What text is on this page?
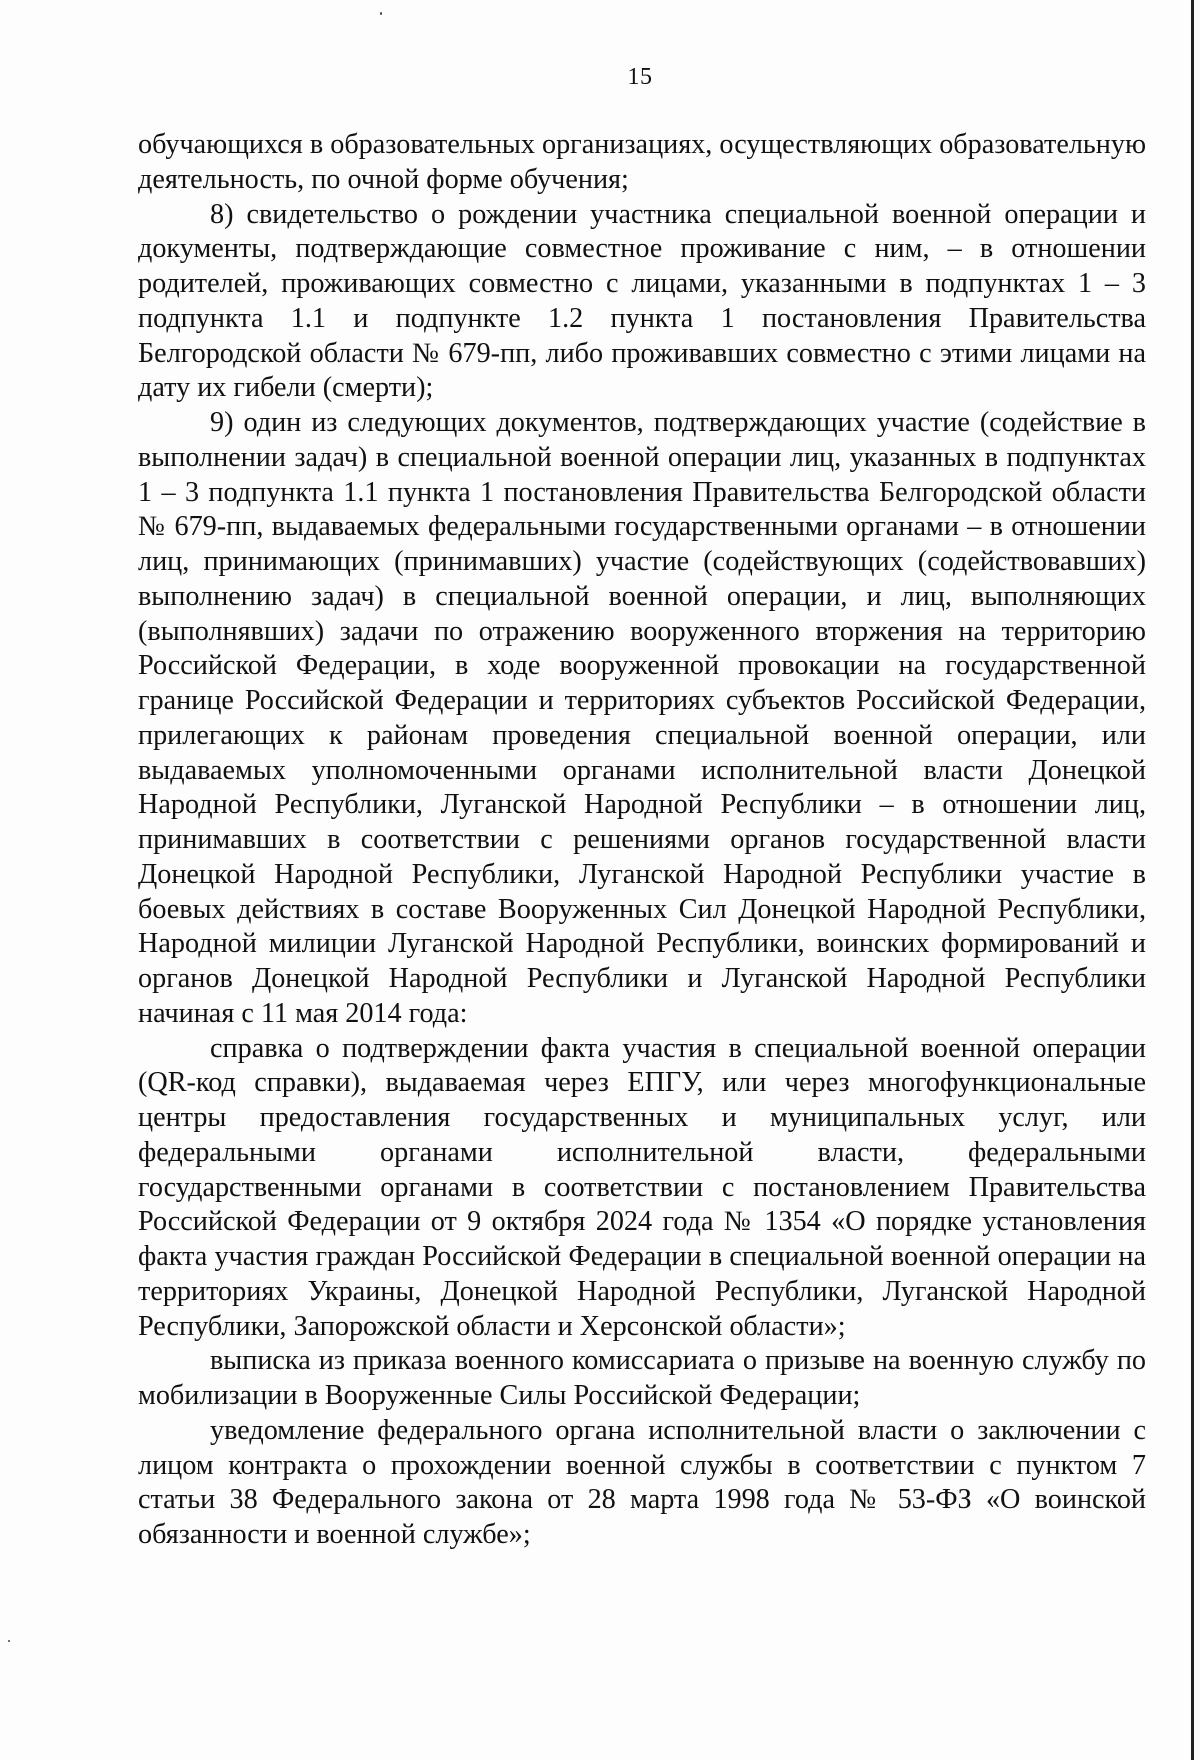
15

обучающихся в образовательных организациях, осуществляющих образовательную деятельность, по очной форме обучения;

8) свидетельство о рождении участника специальной военной операции и документы, подтверждающие совместное проживание с ним, – в отношении родителей, проживающих совместно с лицами, указанными в подпунктах 1 – 3 подпункта 1.1 и подпункте 1.2 пункта 1 постановления Правительства Белгородской области № 679-пп, либо проживавших совместно с этими лицами на дату их гибели (смерти);

9) один из следующих документов, подтверждающих участие (содействие в выполнении задач) в специальной военной операции лиц, указанных в подпунктах 1 – 3 подпункта 1.1 пункта 1 постановления Правительства Белгородской области № 679-пп, выдаваемых федеральными государственными органами – в отношении лиц, принимающих (принимавших) участие (содействующих (содействовавших) выполнению задач) в специальной военной операции, и лиц, выполняющих (выполнявших) задачи по отражению вооруженного вторжения на территорию Российской Федерации, в ходе вооруженной провокации на государственной границе Российской Федерации и территориях субъектов Российской Федерации, прилегающих к районам проведения специальной военной операции, или выдаваемых уполномоченными органами исполнительной власти Донецкой Народной Республики, Луганской Народной Республики – в отношении лиц, принимавших в соответствии с решениями органов государственной власти Донецкой Народной Республики, Луганской Народной Республики участие в боевых действиях в составе Вооруженных Сил Донецкой Народной Республики, Народной милиции Луганской Народной Республики, воинских формирований и органов Донецкой Народной Республики и Луганской Народной Республики начиная с 11 мая 2014 года:

справка о подтверждении факта участия в специальной военной операции (QR-код справки), выдаваемая через ЕПГУ, или через многофункциональные центры предоставления государственных и муниципальных услуг, или федеральными органами исполнительной власти, федеральными государственными органами в соответствии с постановлением Правительства Российской Федерации от 9 октября 2024 года № 1354 «О порядке установления факта участия граждан Российской Федерации в специальной военной операции на территориях Украины, Донецкой Народной Республики, Луганской Народной Республики, Запорожской области и Херсонской области»;

выписка из приказа военного комиссариата о призыве на военную службу по мобилизации в Вооруженные Силы Российской Федерации;

уведомление федерального органа исполнительной власти о заключении с лицом контракта о прохождении военной службы в соответствии с пунктом 7 статьи 38 Федерального закона от 28 марта 1998 года № 53-ФЗ «О воинской обязанности и военной службе»;
